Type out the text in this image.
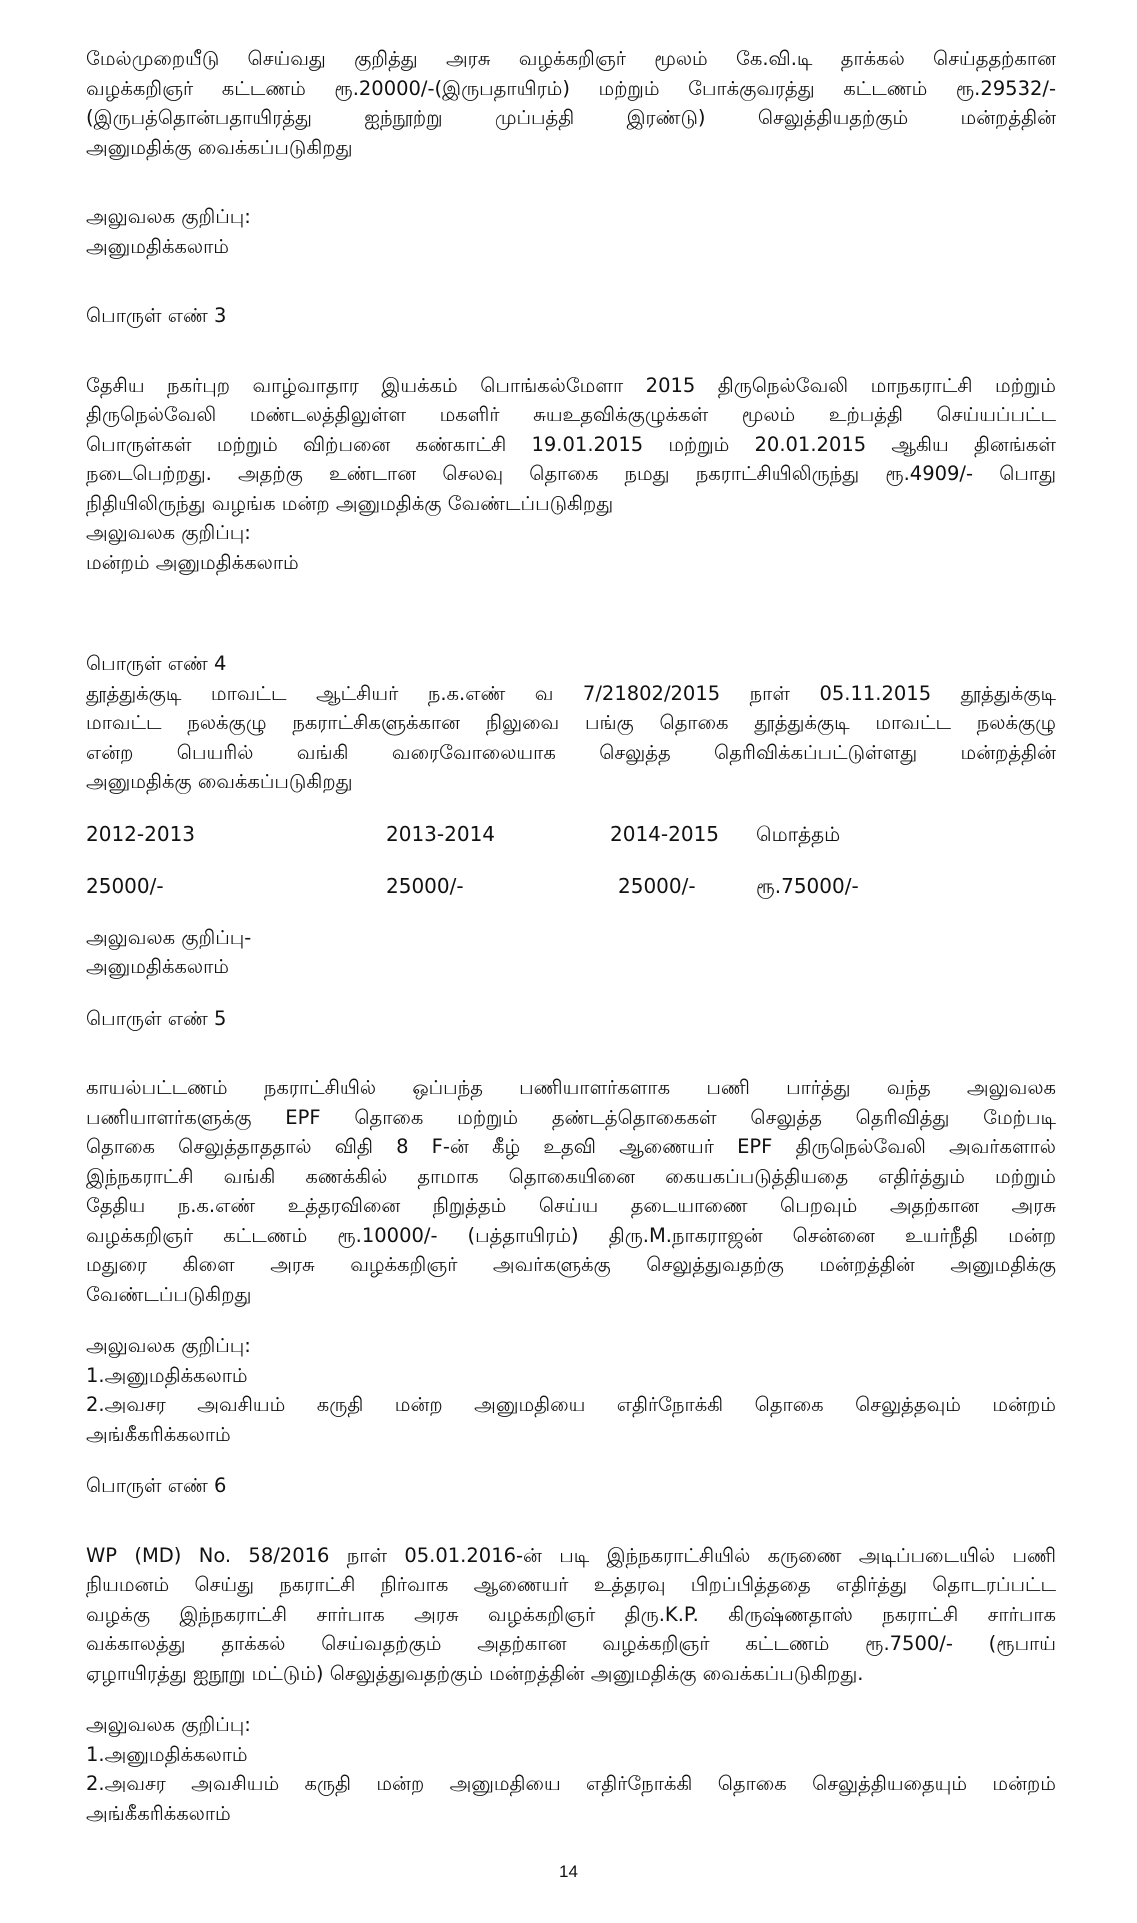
மேல்முறையீடு செய்வது குறித்து அரசு வழக்கறிஞர் மூலம் கே.வி.டி தாக்கல் செய்ததற்கான
வழக்கறிஞர் கட்டணம் ரூ.20000/-(இருபதாயிரம்) மற்றும் போக்குவரத்து கட்டணம் ரூ.29532/-
(இருபத்தொன்பதாயிரத்து ஐந்நூற்று முப்பத்தி இரண்டு) செலுத்தியதற்கும் மன்றத்தின்
அனுமதிக்கு வைக்கப்படுகிறது
அலுவலக குறிப்பு:
அனுமதிக்கலாம்
பொருள் எண் 3
தேசிய நகர்புற வாழ்வாதார இயக்கம் பொங்கல்மேளா 2015 திருநெல்வேலி மாநகராட்சி மற்றும்
திருநெல்வேலி மண்டலத்திலுள்ள மகளிர் சுயஉதவிக்குழுக்கள் மூலம் உற்பத்தி செய்யப்பட்ட
பொருள்கள் மற்றும் விற்பனை கண்காட்சி 19.01.2015 மற்றும் 20.01.2015 ஆகிய தினங்கள்
நடைபெற்றது. அதற்கு உண்டான செலவு தொகை நமது நகராட்சியிலிருந்து ரூ.4909/- பொது
நிதியிலிருந்து வழங்க மன்ற அனுமதிக்கு வேண்டப்படுகிறது
அலுவலக குறிப்பு:
மன்றம் அனுமதிக்கலாம்
பொருள் எண் 4
தூத்துக்குடி மாவட்ட ஆட்சியர் ந.க.எண் வ 7/21802/2015 நாள் 05.11.2015 தூத்துக்குடி
மாவட்ட நலக்குழு நகராட்சிகளுக்கான நிலுவை பங்கு தொகை தூத்துக்குடி மாவட்ட நலக்குழு
என்ற பெயரில் வங்கி வரைவோலையாக செலுத்த தெரிவிக்கப்பட்டுள்ளது மன்றத்தின்
அனுமதிக்கு வைக்கப்படுகிறது
2012-2013	2013-2014	2014-2015 மொத்தம்
25000/-	25000/-	25000/-	ரூ.75000/-
அலுவலக குறிப்பு-
அனுமதிக்கலாம்
பொருள் எண் 5
காயல்பட்டணம் நகராட்சியில் ஒப்பந்த பணியாளர்களாக பணி பார்த்து வந்த அலுவலக
பணியாளர்களுக்கு EPF தொகை மற்றும் தண்டத்தொகைகள் செலுத்த தெரிவித்து மேற்படி
தொகை செலுத்தாததால் விதி 8 F-ன் கீழ் உதவி ஆணையர் EPF திருநெல்வேலி அவர்களால்
இந்நகராட்சி வங்கி கணக்கில் தாமாக தொகையினை கையகப்படுத்தியதை எதிர்த்தும் மற்றும்
தேதிய ந.க.எண் உத்தரவினை நிறுத்தம் செய்ய தடையாணை பெறவும் அதற்கான அரசு
வழக்கறிஞர் கட்டணம் ரூ.10000/- (பத்தாயிரம்) திரு.M.நாகராஜன் சென்னை உயர்நீதி மன்ற
மதுரை கிளை அரசு வழக்கறிஞர் அவர்களுக்கு செலுத்துவதற்கு மன்றத்தின் அனுமதிக்கு
வேண்டப்படுகிறது
அலுவலக குறிப்பு:
1.அனுமதிக்கலாம்
2.அவசர அவசியம் கருதி மன்ற அனுமதியை எதிர்நோக்கி தொகை செலுத்தவும் மன்றம்
அங்கீகரிக்கலாம்
பொருள் எண் 6
WP (MD) No. 58/2016 நாள் 05.01.2016-ன் படி இந்நகராட்சியில் கருணை அடிப்படையில் பணி
நியமனம் செய்து நகராட்சி நிர்வாக ஆணையர் உத்தரவு பிறப்பித்ததை எதிர்த்து தொடரப்பட்ட
வழக்கு இந்நகராட்சி சார்பாக அரசு வழக்கறிஞர் திரு.K.P. கிருஷ்ணதாஸ் நகராட்சி சார்பாக
வக்காலத்து தாக்கல் செய்வதற்கும் அதற்கான வழக்கறிஞர் கட்டணம் ரூ.7500/- (ரூபாய்
ஏழாயிரத்து ஐநூறு மட்டும்) செலுத்துவதற்கும் மன்றத்தின் அனுமதிக்கு வைக்கப்படுகிறது.
அலுவலக குறிப்பு:
1.அனுமதிக்கலாம்
2.அவசர அவசியம் கருதி மன்ற அனுமதியை எதிர்நோக்கி தொகை செலுத்தியதையும் மன்றம்
அங்கீகரிக்கலாம்
14
